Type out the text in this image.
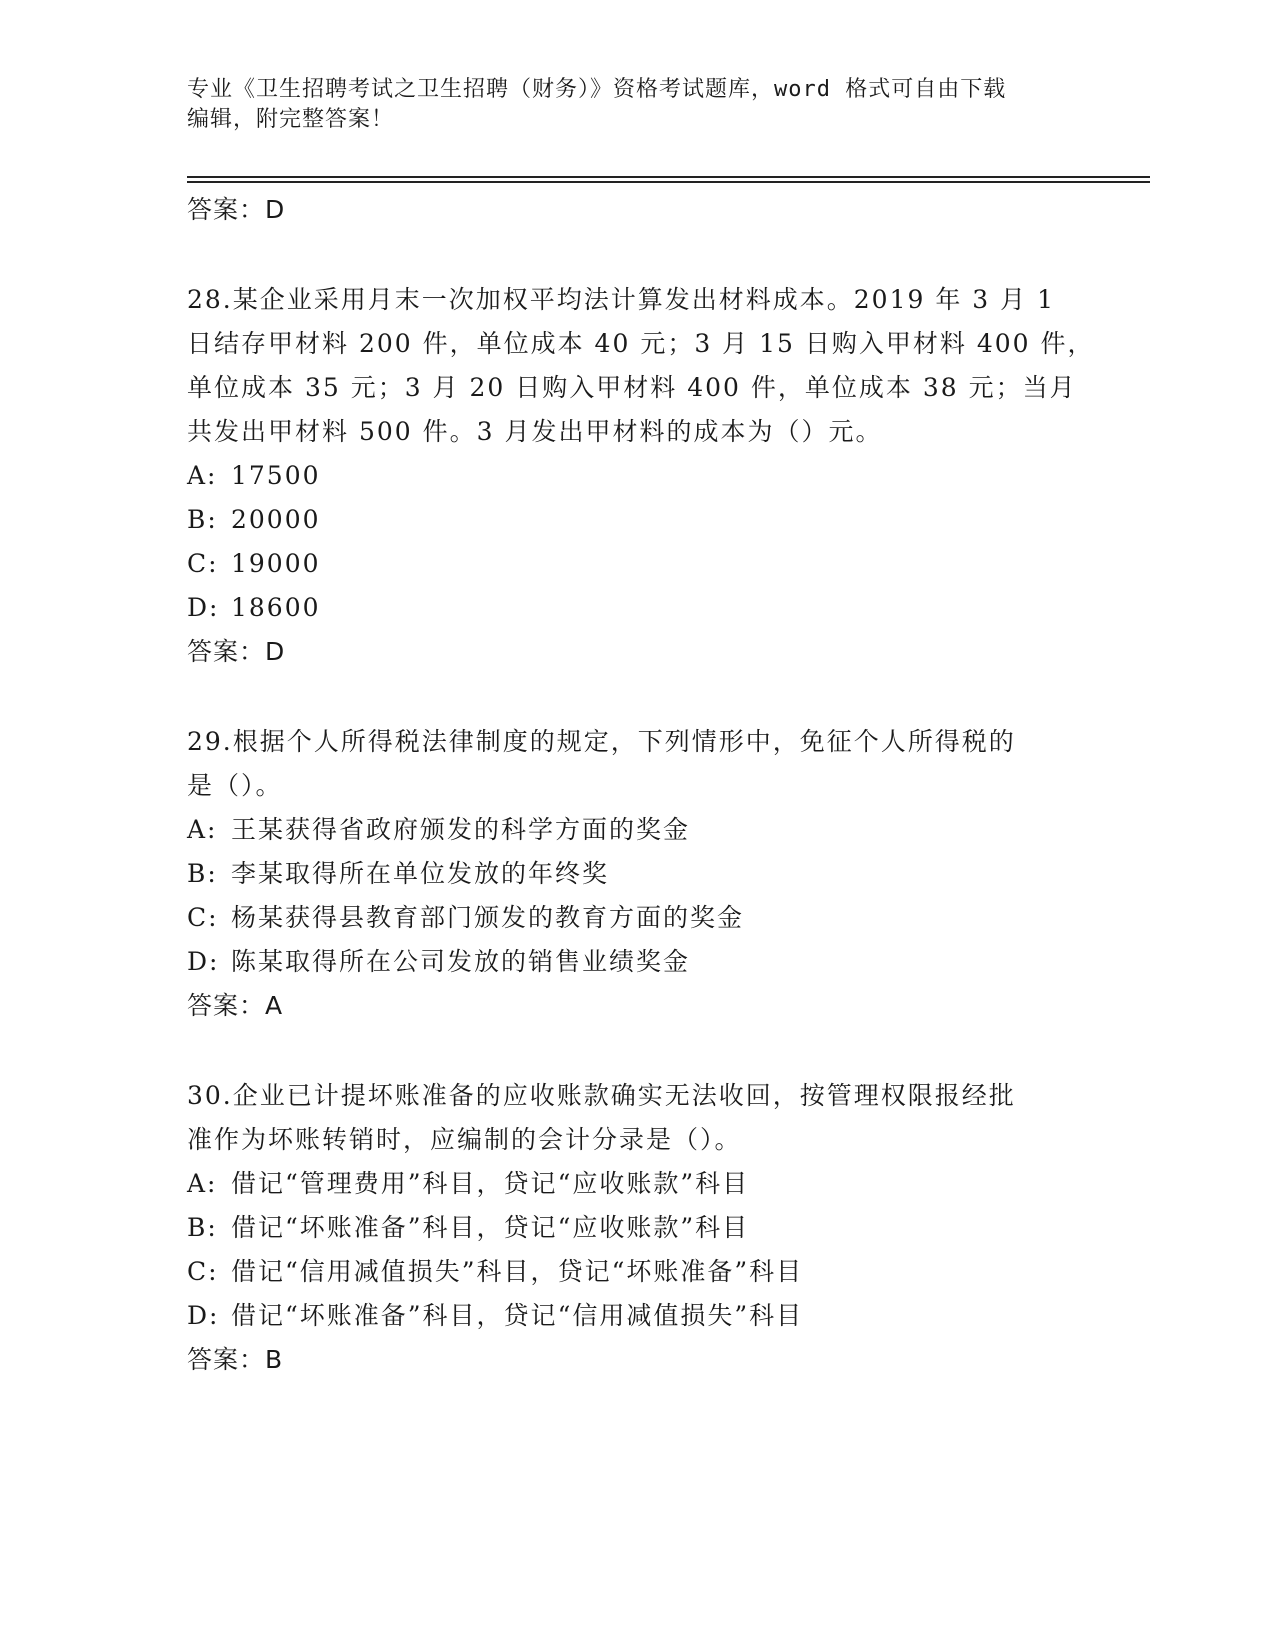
专业《卫生招聘考试之卫生招聘（财务）》资格考试题库，word 格式可自由下载
编辑，附完整答案！
答案：D
28.某企业采用月末一次加权平均法计算发出材料成本。2019 年 3 月 1
日结存甲材料 200 件，单位成本 40 元；3 月 15 日购入甲材料 400 件，
单位成本 35 元；3 月 20 日购入甲材料 400 件，单位成本 38 元；当月
共发出甲材料 500 件。3 月发出甲材料的成本为（）元。
A: 17500
B: 20000
C: 19000
D: 18600
答案：D
29.根据个人所得税法律制度的规定，下列情形中，免征个人所得税的
是（）。
A: 王某获得省政府颁发的科学方面的奖金
B: 李某取得所在单位发放的年终奖
C: 杨某获得县教育部门颁发的教育方面的奖金
D: 陈某取得所在公司发放的销售业绩奖金
答案：A
30.企业已计提坏账准备的应收账款确实无法收回，按管理权限报经批
准作为坏账转销时，应编制的会计分录是（）。
A: 借记“管理费用”科目，贷记“应收账款”科目
B: 借记“坏账准备”科目，贷记“应收账款”科目
C: 借记“信用减值损失”科目，贷记“坏账准备”科目
D: 借记“坏账准备”科目，贷记“信用减值损失”科目
答案：B
